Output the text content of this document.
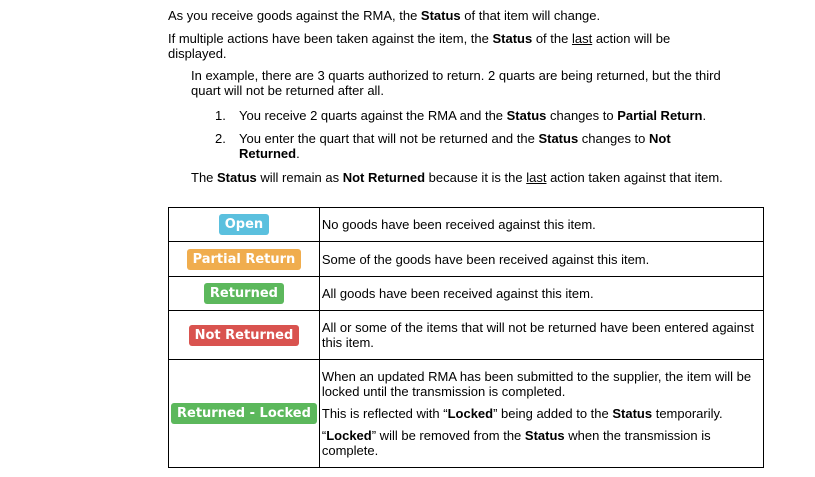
As you receive goods against the RMA, the Status of that item will change.
If multiple actions have been taken against the item, the Status of the last action will be displayed.
In example, there are 3 quarts authorized to return. 2 quarts are being returned, but the third quart will not be returned after all.
1. You receive 2 quarts against the RMA and the Status changes to Partial Return.
2. You enter the quart that will not be returned and the Status changes to Not Returned.
The Status will remain as Not Returned because it is the last action taken against that item.
Open	No goods have been received against this item.
Partial Return	Some of the goods have been received against this item.
Returned	All goods have been received against this item.
Not Returned	All or some of the items that will not be returned have been entered against this item.
Returned - Locked	When an updated RMA has been submitted to the supplier, the item will be locked until the transmission is completed.

This is reflected with “Locked” being added to the Status temporarily.

“Locked” will be removed from the Status when the transmission is complete.
